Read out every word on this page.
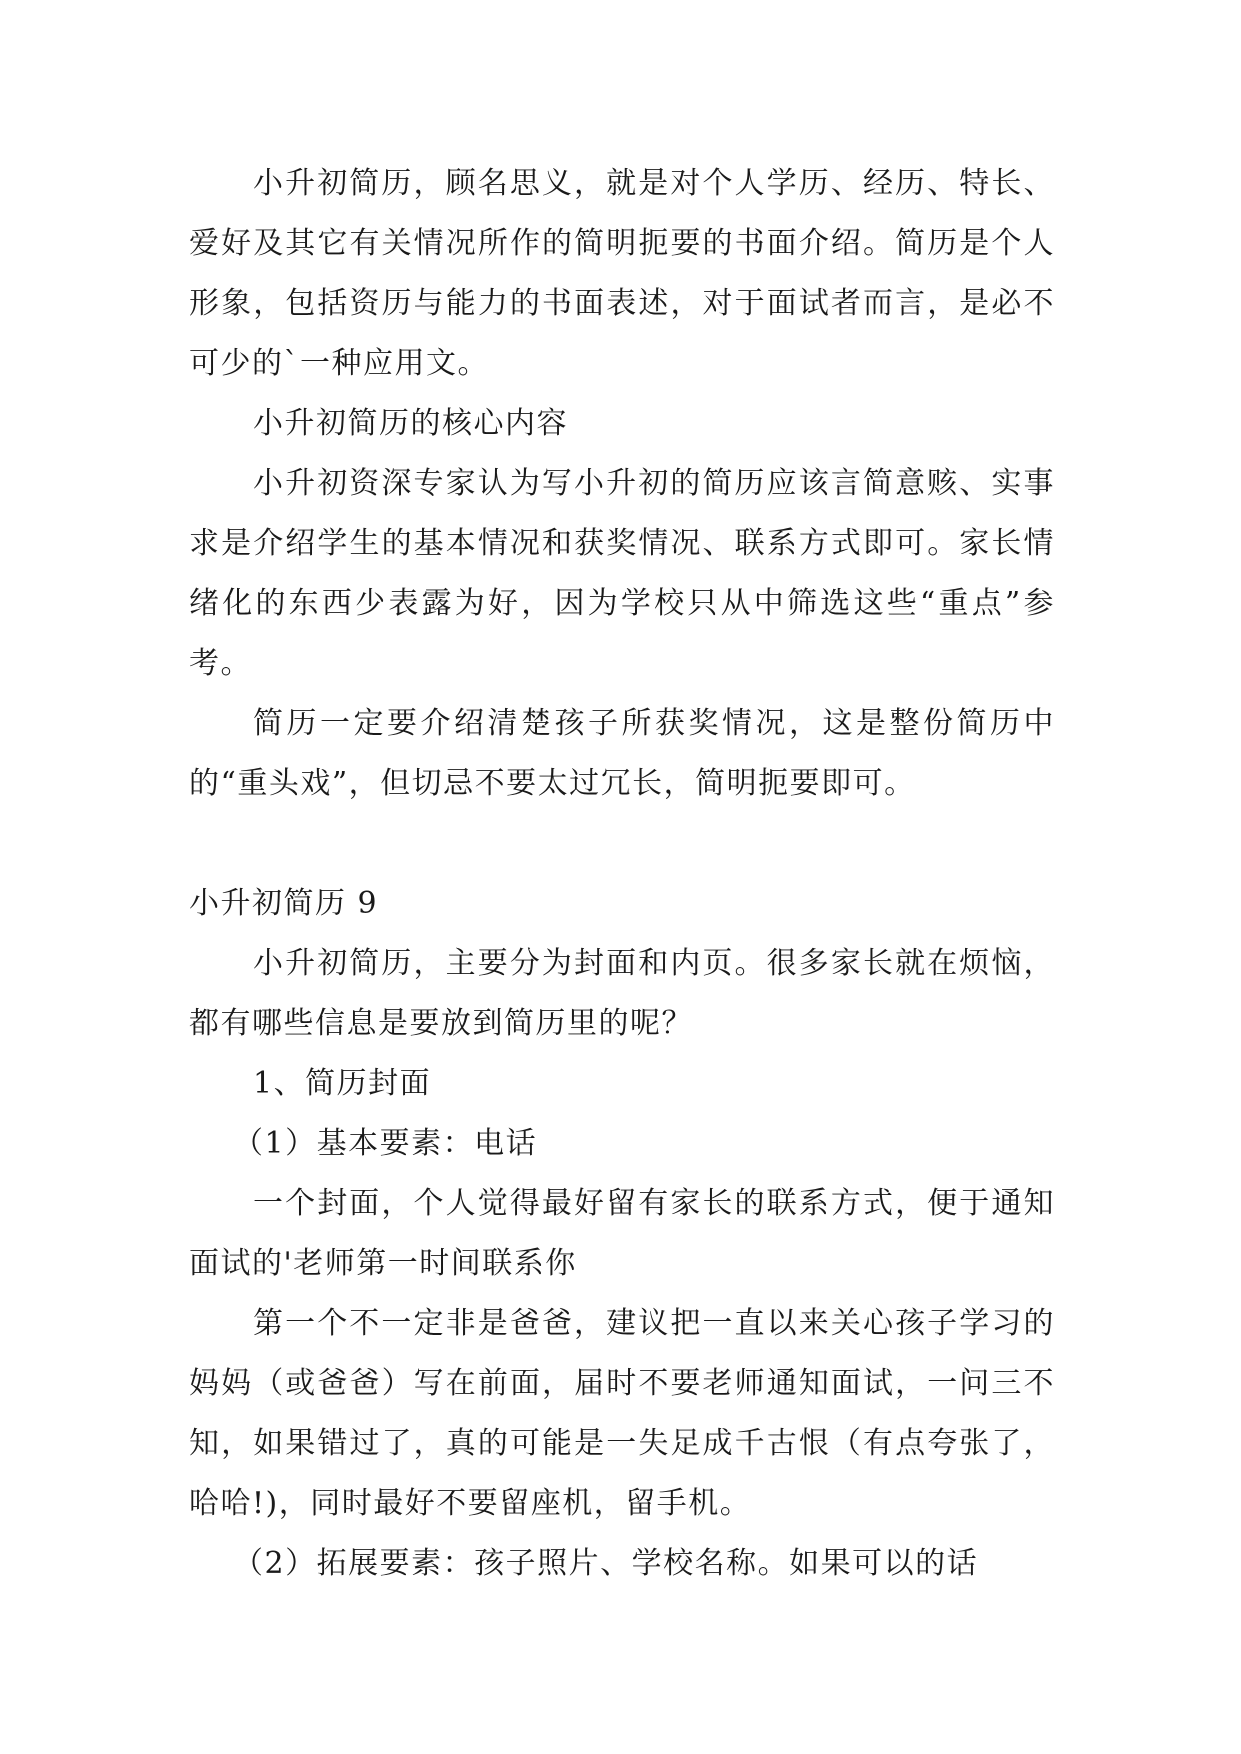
小升初简历，顾名思义，就是对个人学历、经历、特长、爱好及其它有关情况所作的简明扼要的书面介绍。简历是个人形象，包括资历与能力的书面表述，对于面试者而言，是必不可少的`一种应用文。

小升初简历的核心内容

小升初资深专家认为写小升初的简历应该言简意赅、实事求是介绍学生的基本情况和获奖情况、联系方式即可。家长情绪化的东西少表露为好，因为学校只从中筛选这些“重点”参考。

简历一定要介绍清楚孩子所获奖情况，这是整份简历中的“重头戏”，但切忌不要太过冗长，简明扼要即可。

小升初简历 9

小升初简历，主要分为封面和内页。很多家长就在烦恼，都有哪些信息是要放到简历里的呢？

1、简历封面

（1）基本要素：电话

一个封面，个人觉得最好留有家长的联系方式，便于通知面试的'老师第一时间联系你

第一个不一定非是爸爸，建议把一直以来关心孩子学习的妈妈（或爸爸）写在前面，届时不要老师通知面试，一问三不知，如果错过了，真的可能是一失足成千古恨（有点夸张了，哈哈!)，同时最好不要留座机，留手机。

（2）拓展要素：孩子照片、学校名称。如果可以的话
